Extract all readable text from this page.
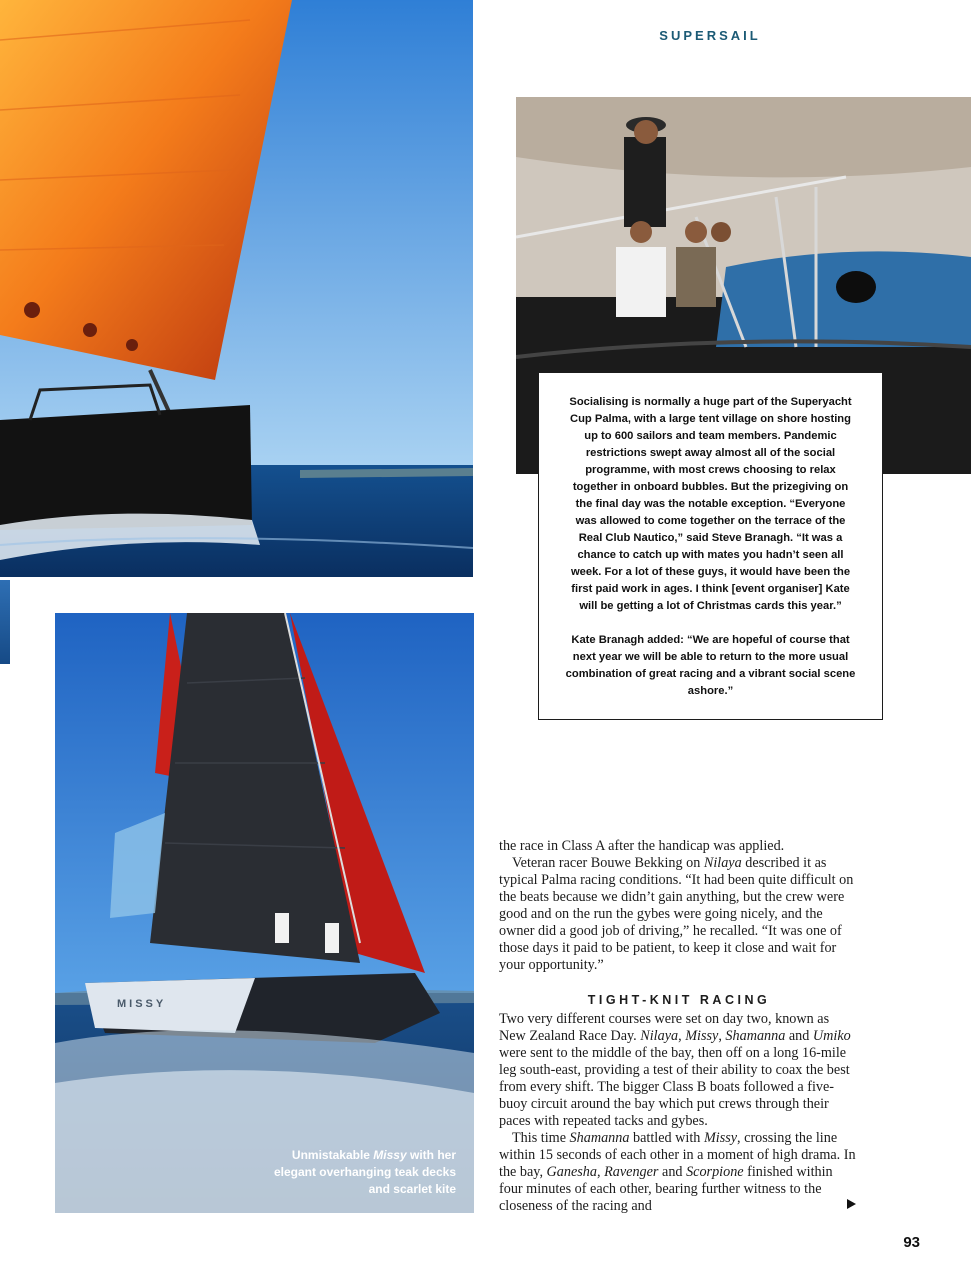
SUPERSAIL

Socialising is normally a huge part of the Superyacht Cup Palma, with a large tent village on shore hosting up to 600 sailors and team members. Pandemic restrictions swept away almost all of the social programme, with most crews choosing to relax together in onboard bubbles. But the prizegiving on the final day was the notable exception. “Everyone was allowed to come together on the terrace of the Real Club Nautico,” said Steve Branagh. “It was a chance to catch up with mates you hadn’t seen all week. For a lot of these guys, it would have been the first paid work in ages. I think [event organiser] Kate will be getting a lot of Christmas cards this year.”

Kate Branagh added: “We are hopeful of course that next year we will be able to return to the more usual combination of great racing and a vibrant social scene ashore.”

MISSY
Unmistakable Missy with her elegant overhanging teak decks and scarlet kite

the race in Class A after the handicap was applied.

Veteran racer Bouwe Bekking on Nilaya described it as typical Palma racing conditions. “It had been quite difficult on the beats because we didn’t gain anything, but the crew were good and on the run the gybes were going nicely, and the owner did a good job of driving,” he recalled. “It was one of those days it paid to be patient, to keep it close and wait for your opportunity.”

TIGHT-KNIT RACING

Two very different courses were set on day two, known as New Zealand Race Day. Nilaya, Missy, Shamanna and Umiko were sent to the middle of the bay, then off on a long 16-mile leg south-east, providing a test of their ability to coax the best from every shift. The bigger Class B boats followed a five-buoy circuit around the bay which put crews through their paces with repeated tacks and gybes.

This time Shamanna battled with Missy, crossing the line within 15 seconds of each other in a moment of high drama. In the bay, Ganesha, Ravenger and Scorpione finished within four minutes of each other, bearing further witness to the closeness of the racing and

93
